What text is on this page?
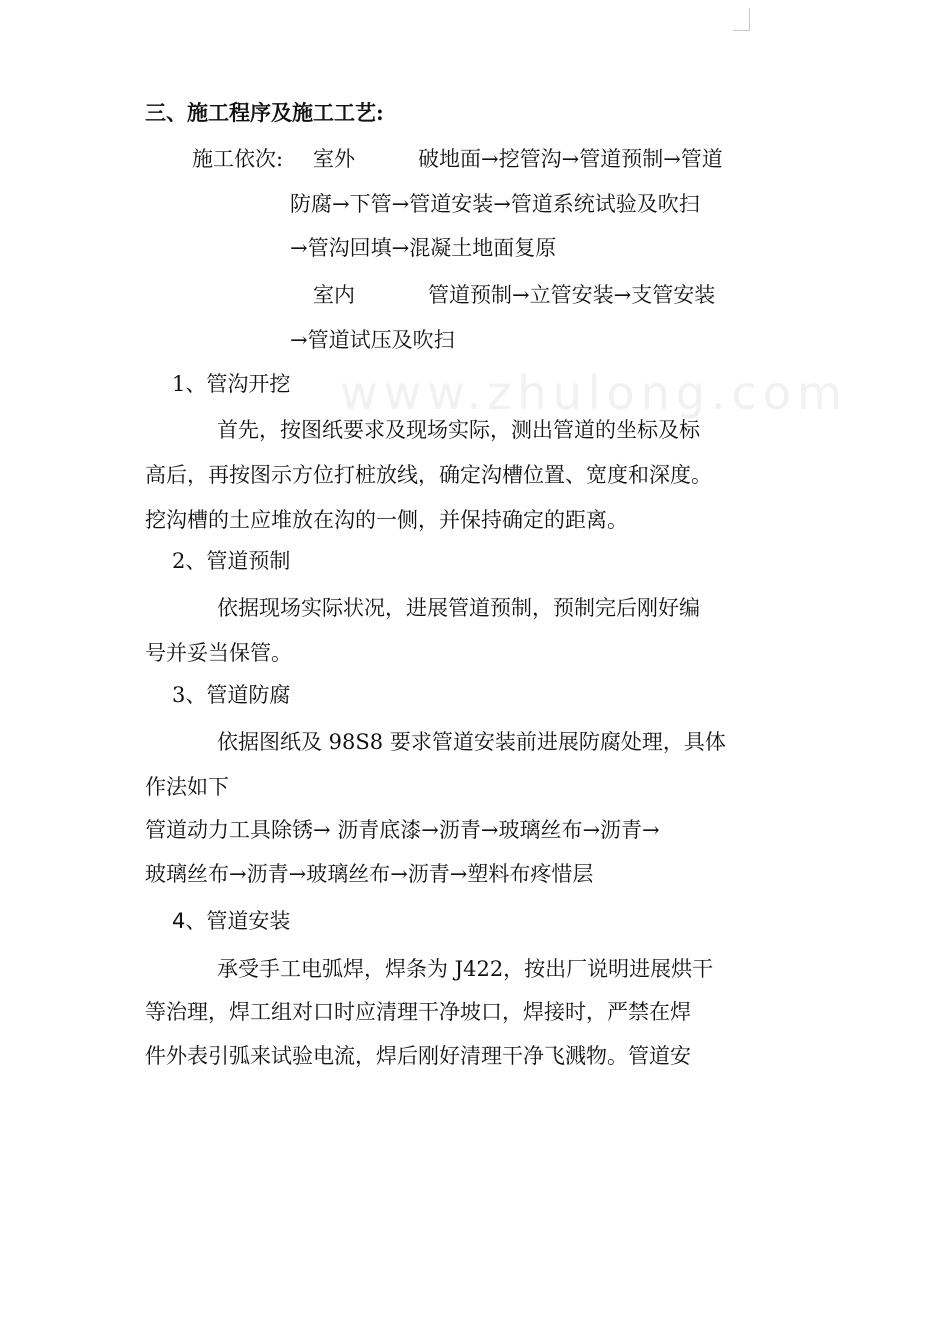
www.zhulong.com
三、施工程序及施工工艺:
施工依次: 室外	破地面→挖管沟→管道预制→管道
防腐→下管→管道安装→管道系统试验及吹扫
→管沟回填→混凝土地面复原
室内	管道预制→立管安装→支管安装
→管道试压及吹扫
1、管沟开挖
首先，按图纸要求及现场实际，测出管道的坐标及标
高后，再按图示方位打桩放线，确定沟槽位置、宽度和深度。
挖沟槽的土应堆放在沟的一侧，并保持确定的距离。
2、管道预制
依据现场实际状况，进展管道预制，预制完后刚好编
号并妥当保管。
3、管道防腐
依据图纸及 98S8 要求管道安装前进展防腐处理，具体
作法如下
管道动力工具除锈→ 沥青底漆→沥青→玻璃丝布→沥青→
玻璃丝布→沥青→玻璃丝布→沥青→塑料布疼惜层
4、管道安装
承受手工电弧焊，焊条为 J422，按出厂说明进展烘干
等治理，焊工组对口时应清理干净坡口，焊接时，严禁在焊
件外表引弧来试验电流，焊后刚好清理干净飞溅物。管道安
